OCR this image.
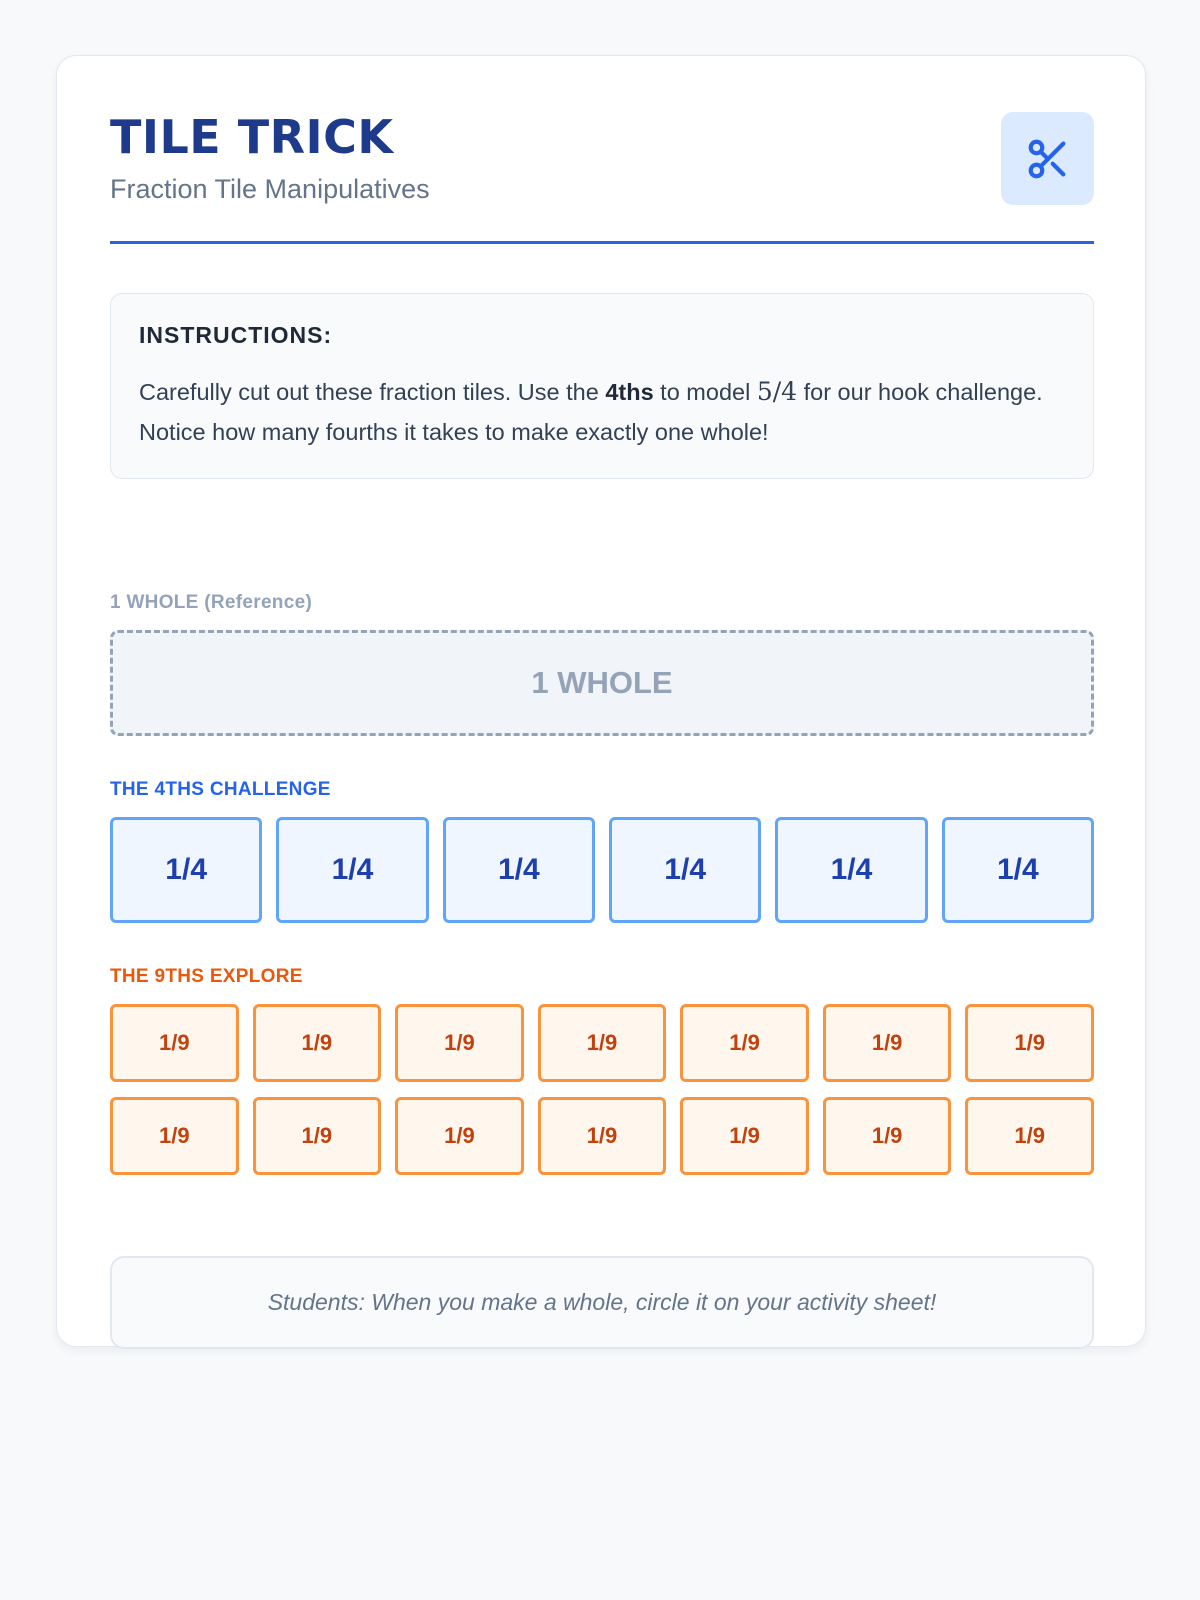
TILE TRICK
Fraction Tile Manipulatives
INSTRUCTIONS:

Carefully cut out these fraction tiles. Use the 4ths to model 5/4 for our hook challenge. Notice how many fourths it takes to make exactly one whole!

1 WHOLE (Reference)
1 WHOLE
THE 4THS CHALLENGE
1/4	1/4	1/4	1/4	1/4	1/4
THE 9THS EXPLORE
1/9	1/9	1/9	1/9	1/9	1/9	1/9
1/9	1/9	1/9	1/9	1/9	1/9	1/9
Students: When you make a whole, circle it on your activity sheet!
